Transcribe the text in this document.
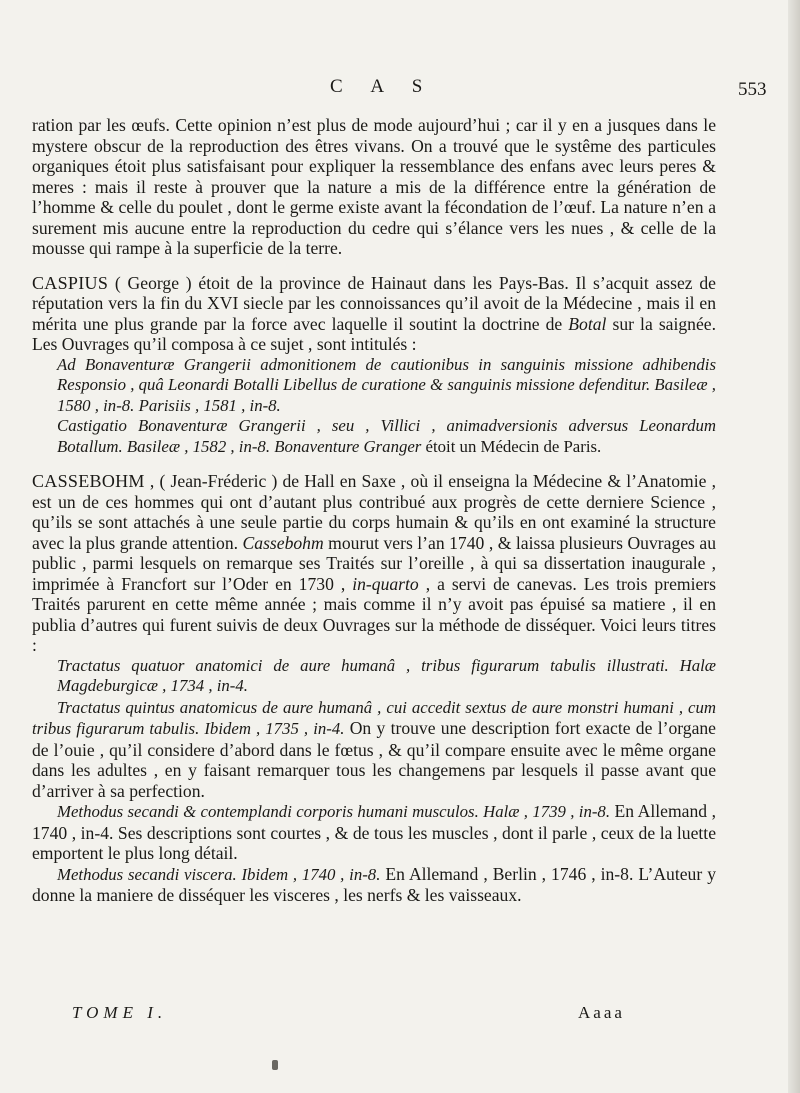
C A S	553

ration par les œufs. Cette opinion n’est plus de mode aujourd’hui ; car il y en a jusques dans le mystere obscur de la reproduction des êtres vivans. On a trouvé que le systême des particules organiques étoit plus satisfaisant pour expliquer la ressemblance des enfans avec leurs peres & meres : mais il reste à prouver que la nature a mis de la différence entre la génération de l’homme & celle du poulet , dont le germe existe avant la fécondation de l’œuf. La nature n’en a surement mis aucune entre la reproduction du cedre qui s’élance vers les nues , & celle de la mousse qui rampe à la superficie de la terre.

CASPIUS ( George ) étoit de la province de Hainaut dans les Pays-Bas. Il s’acquit assez de réputation vers la fin du XVI siecle par les connoissances qu’il avoit de la Médecine , mais il en mérita une plus grande par la force avec laquelle il soutint la doctrine de Botal sur la saignée. Les Ouvrages qu’il composa à ce sujet , sont intitulés :

Ad Bonaventuræ Grangerii admonitionem de cautionibus in sanguinis missione adhibendis Responsio , quâ Leonardi Botalli Libellus de curatione & sanguinis missione defenditur. Basileæ , 1580 , in-8. Parisiis , 1581 , in-8.

Castigatio Bonaventuræ Grangerii , seu , Villici , animadversionis adversus Leonardum Botallum. Basileæ , 1582 , in-8. Bonaventure Granger étoit un Médecin de Paris.

CASSEBOHM , ( Jean-Fréderic ) de Hall en Saxe , où il enseigna la Médecine & l’Anatomie , est un de ces hommes qui ont d’autant plus contribué aux progrès de cette derniere Science , qu’ils se sont attachés à une seule partie du corps humain & qu’ils en ont examiné la structure avec la plus grande attention. Cassebohm mourut vers l’an 1740 , & laissa plusieurs Ouvrages au public , parmi lesquels on remarque ses Traités sur l’oreille , à qui sa dissertation inaugurale , imprimée à Francfort sur l’Oder en 1730 , in-quarto , a servi de canevas. Les trois premiers Traités parurent en cette même année ; mais comme il n’y avoit pas épuisé sa matiere , il en publia d’autres qui furent suivis de deux Ouvrages sur la méthode de disséquer. Voici leurs titres :

Tractatus quatuor anatomici de aure humanâ , tribus figurarum tabulis illustrati. Halæ Magdeburgicæ , 1734 , in-4.

Tractatus quintus anatomicus de aure humanâ , cui accedit sextus de aure monstri humani , cum tribus figurarum tabulis. Ibidem , 1735 , in-4. On y trouve une description fort exacte de l’organe de l’ouie , qu’il considere d’abord dans le fœtus , & qu’il compare ensuite avec le même organe dans les adultes , en y faisant remarquer tous les changemens par lesquels il passe avant que d’arriver à sa perfection.

Methodus secandi & contemplandi corporis humani musculos. Halæ , 1739 , in-8. En Allemand , 1740 , in-4. Ses descriptions sont courtes , & de tous les muscles , dont il parle , ceux de la luette emportent le plus long détail.

Methodus secandi viscera. Ibidem , 1740 , in-8. En Allemand , Berlin , 1746 , in-8. L’Auteur y donne la maniere de disséquer les visceres , les nerfs & les vaisseaux.

TOME I.	Aaaa
